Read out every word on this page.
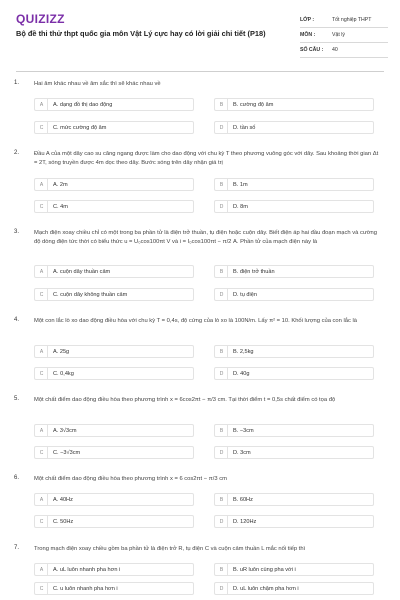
QUIZIZZ
Bộ đề thi thử thpt quốc gia môn Vật Lý cực hay có lời giải chi tiết (P18)
LỚP :	Tốt nghiệp THPT
MÔN :	Vật lý
SỐ CÂU :	40
1.	Hai âm khác nhau về âm sắc thì sẽ khác nhau về
A	A. dạng đồ thị dao động	B	B. cường độ âm
C	C. mức cường độ âm	D	D. tần số
2.	Đầu A của một dây cao su căng ngang được làm cho dao động với chu kỳ T theo phương vuông góc với dây. Sau khoảng thời gian Δt = 2T, sóng truyền được 4m dọc theo dây. Bước sóng trên dây nhận giá trị
A	A. 2m	B	B. 1m
C	C. 4m	D	D. 8m
3.	Mạch điện xoay chiều chỉ có một trong ba phần tử là điện trở thuần, tụ điện hoặc cuộn dây. Biết điện áp hai đầu đoạn mạch và cường độ dòng điện tức thời có biểu thức u = U₀cos100πt V và i = I₀cos100πt − π/2 A. Phần tử của mạch điện này là
A	A. cuộn dây thuần cảm	B	B. điện trở thuần
C	C. cuộn dây không thuần cảm	D	D. tụ điện
4.	Một con lắc lò xo dao động điều hòa với chu kỳ T = 0,4s, độ cứng của lò xo là 100N/m. Lấy π² = 10. Khối lượng của con lắc là
A	A. 25g	B	B. 2,5kg
C	C. 0,4kg	D	D. 40g
5.	Một chất điểm dao động điều hòa theo phương trình x = 6cos2πt − π/3 cm. Tại thời điểm t = 0,5s chất điểm có tọa độ
A	A. 3√3cm	B	B. −3cm
C	C. −3√3cm	D	D. 3cm
6.	Một chất điểm dao động điều hòa theo phương trình x = 6 cos2πt − π/3 cm
A	A. 40Hz	B	B. 60Hz
C	C. 50Hz	D	D. 120Hz
7.	Trong mạch điện xoay chiều gồm ba phần tử là điện trở R, tụ điện C và cuộn cảm thuần L mắc nối tiếp thì
A	A. uL luôn nhanh pha hơn i	B	B. uR luôn cùng pha với i
C	C. u luôn nhanh pha hơn i	D	D. uL luôn chậm pha hơn i
